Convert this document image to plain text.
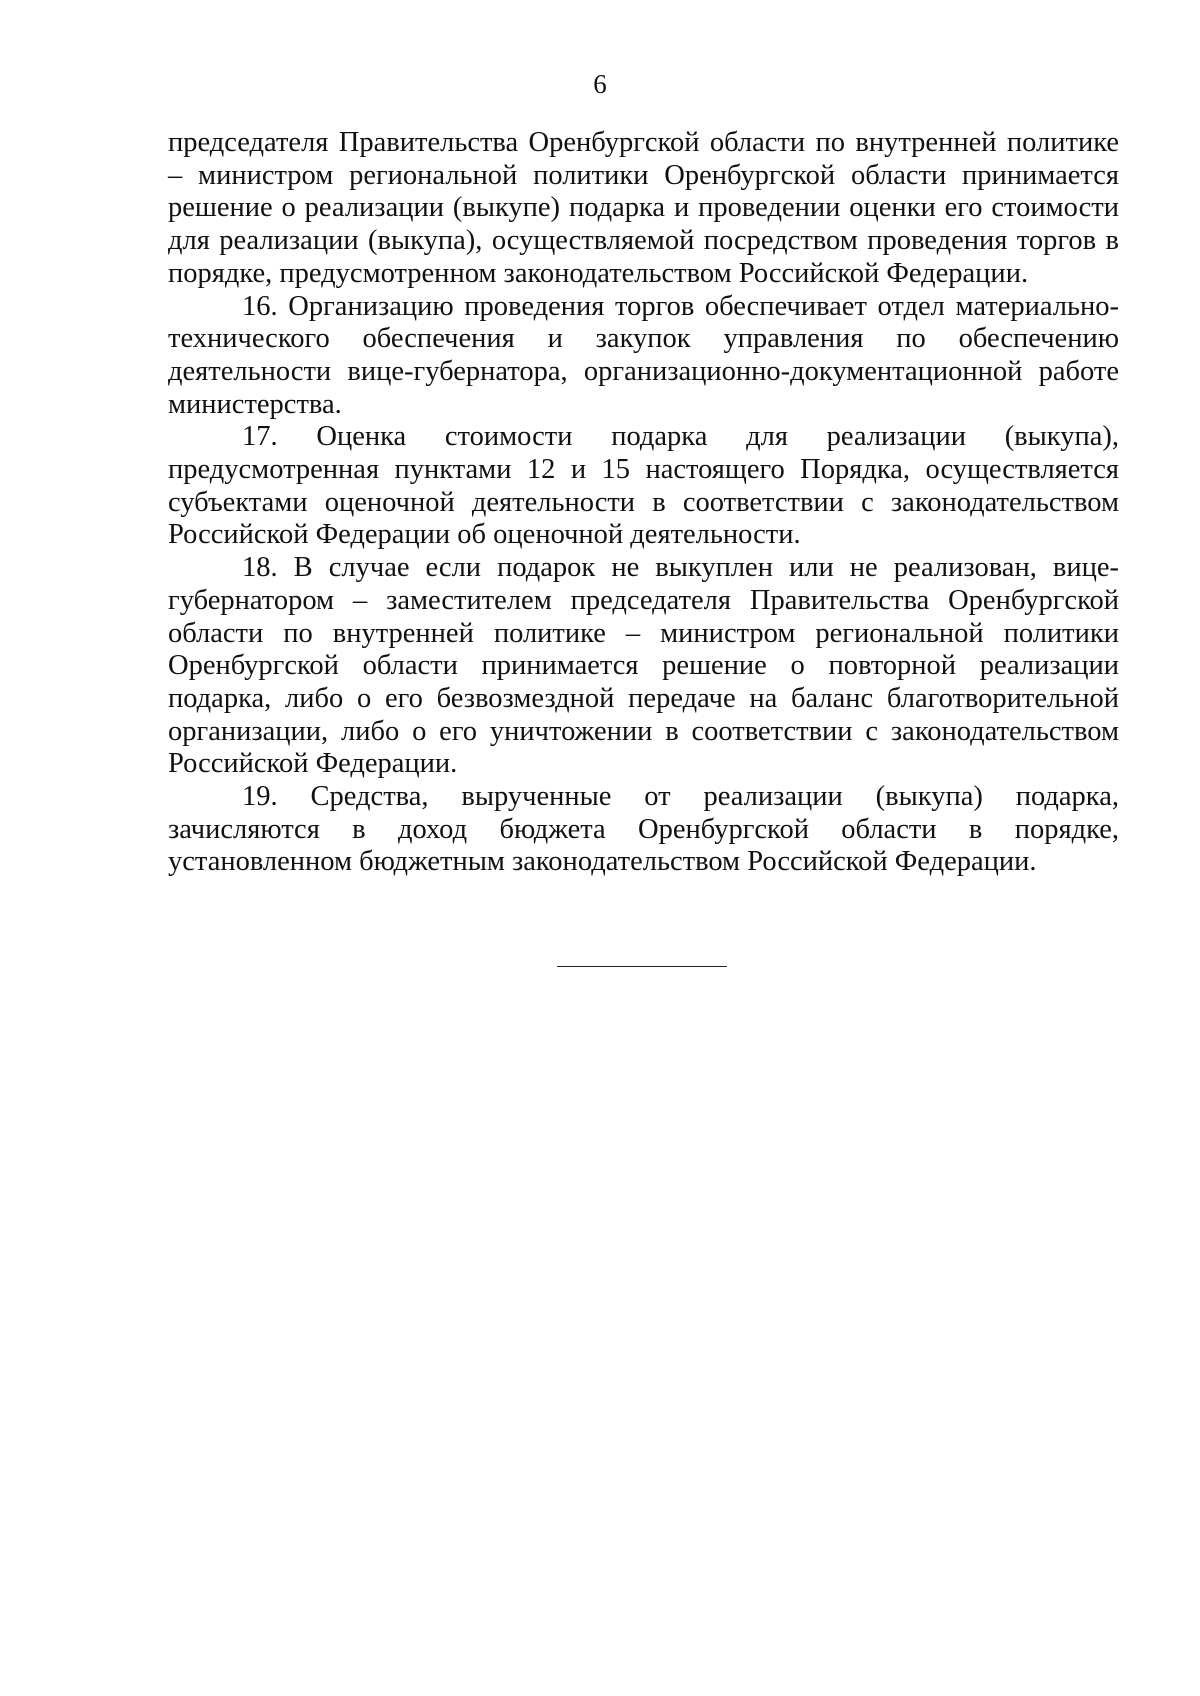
6

председателя Правительства Оренбургской области по внутренней политике – министром региональной политики Оренбургской области принимается решение о реализации (выкупе) подарка и проведении оценки его стоимости для реализации (выкупа), осуществляемой посредством проведения торгов в порядке, предусмотренном законодательством Российской Федерации.

16. Организацию проведения торгов обеспечивает отдел материально-технического обеспечения и закупок управления по обеспечению деятельности вице-губернатора, организационно-документационной работе министерства.

17. Оценка стоимости подарка для реализации (выкупа), предусмотренная пунктами 12 и 15 настоящего Порядка, осуществляется субъектами оценочной деятельности в соответствии с законодательством Российской Федерации об оценочной деятельности.

18. В случае если подарок не выкуплен или не реализован, вице-губернатором – заместителем председателя Правительства Оренбургской области по внутренней политике – министром региональной политики Оренбургской области принимается решение о повторной реализации подарка, либо о его безвозмездной передаче на баланс благотворительной организации, либо о его уничтожении в соответствии с законодательством Российской Федерации.

19. Средства, вырученные от реализации (выкупа) подарка, зачисляются в доход бюджета Оренбургской области в порядке, установленном бюджетным законодательством Российской Федерации.
